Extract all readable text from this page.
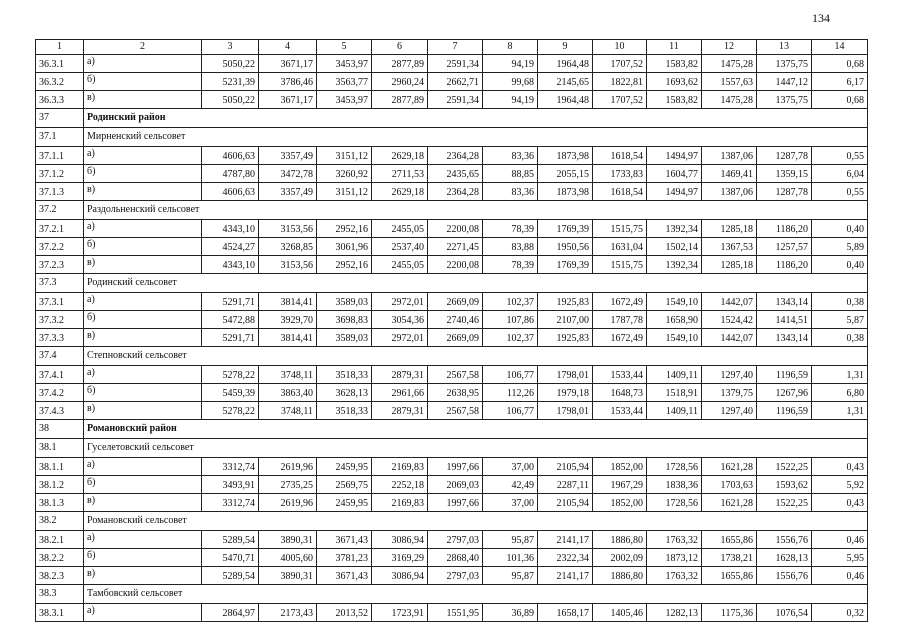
134
1	2	3	4	5	6	7	8	9	10	11	12	13	14
36.3.1	а)	5050,22	3671,17	3453,97	2877,89	2591,34	94,19	1964,48	1707,52	1583,82	1475,28	1375,75	0,68
36.3.2	б)	5231,39	3786,46	3563,77	2960,24	2662,71	99,68	2145,65	1822,81	1693,62	1557,63	1447,12	6,17
36.3.3	в)	5050,22	3671,17	3453,97	2877,89	2591,34	94,19	1964,48	1707,52	1583,82	1475,28	1375,75	0,68
37	Родинский район												
37.1	Мирненский сельсовет												
37.1.1	а)	4606,63	3357,49	3151,12	2629,18	2364,28	83,36	1873,98	1618,54	1494,97	1387,06	1287,78	0,55
37.1.2	б)	4787,80	3472,78	3260,92	2711,53	2435,65	88,85	2055,15	1733,83	1604,77	1469,41	1359,15	6,04
37.1.3	в)	4606,63	3357,49	3151,12	2629,18	2364,28	83,36	1873,98	1618,54	1494,97	1387,06	1287,78	0,55
37.2	Раздольненский сельсовет												
37.2.1	а)	4343,10	3153,56	2952,16	2455,05	2200,08	78,39	1769,39	1515,75	1392,34	1285,18	1186,20	0,40
37.2.2	б)	4524,27	3268,85	3061,96	2537,40	2271,45	83,88	1950,56	1631,04	1502,14	1367,53	1257,57	5,89
37.2.3	в)	4343,10	3153,56	2952,16	2455,05	2200,08	78,39	1769,39	1515,75	1392,34	1285,18	1186,20	0,40
37.3	Родинский сельсовет												
37.3.1	а)	5291,71	3814,41	3589,03	2972,01	2669,09	102,37	1925,83	1672,49	1549,10	1442,07	1343,14	0,38
37.3.2	б)	5472,88	3929,70	3698,83	3054,36	2740,46	107,86	2107,00	1787,78	1658,90	1524,42	1414,51	5,87
37.3.3	в)	5291,71	3814,41	3589,03	2972,01	2669,09	102,37	1925,83	1672,49	1549,10	1442,07	1343,14	0,38
37.4	Степновский сельсовет												
37.4.1	а)	5278,22	3748,11	3518,33	2879,31	2567,58	106,77	1798,01	1533,44	1409,11	1297,40	1196,59	1,31
37.4.2	б)	5459,39	3863,40	3628,13	2961,66	2638,95	112,26	1979,18	1648,73	1518,91	1379,75	1267,96	6,80
37.4.3	в)	5278,22	3748,11	3518,33	2879,31	2567,58	106,77	1798,01	1533,44	1409,11	1297,40	1196,59	1,31
38	Романовский район												
38.1	Гуселетовский сельсовет												
38.1.1	а)	3312,74	2619,96	2459,95	2169,83	1997,66	37,00	2105,94	1852,00	1728,56	1621,28	1522,25	0,43
38.1.2	б)	3493,91	2735,25	2569,75	2252,18	2069,03	42,49	2287,11	1967,29	1838,36	1703,63	1593,62	5,92
38.1.3	в)	3312,74	2619,96	2459,95	2169,83	1997,66	37,00	2105,94	1852,00	1728,56	1621,28	1522,25	0,43
38.2	Романовский сельсовет												
38.2.1	а)	5289,54	3890,31	3671,43	3086,94	2797,03	95,87	2141,17	1886,80	1763,32	1655,86	1556,76	0,46
38.2.2	б)	5470,71	4005,60	3781,23	3169,29	2868,40	101,36	2322,34	2002,09	1873,12	1738,21	1628,13	5,95
38.2.3	в)	5289,54	3890,31	3671,43	3086,94	2797,03	95,87	2141,17	1886,80	1763,32	1655,86	1556,76	0,46
38.3	Тамбовский сельсовет												
38.3.1	а)	2864,97	2173,43	2013,52	1723,91	1551,95	36,89	1658,17	1405,46	1282,13	1175,36	1076,54	0,32
